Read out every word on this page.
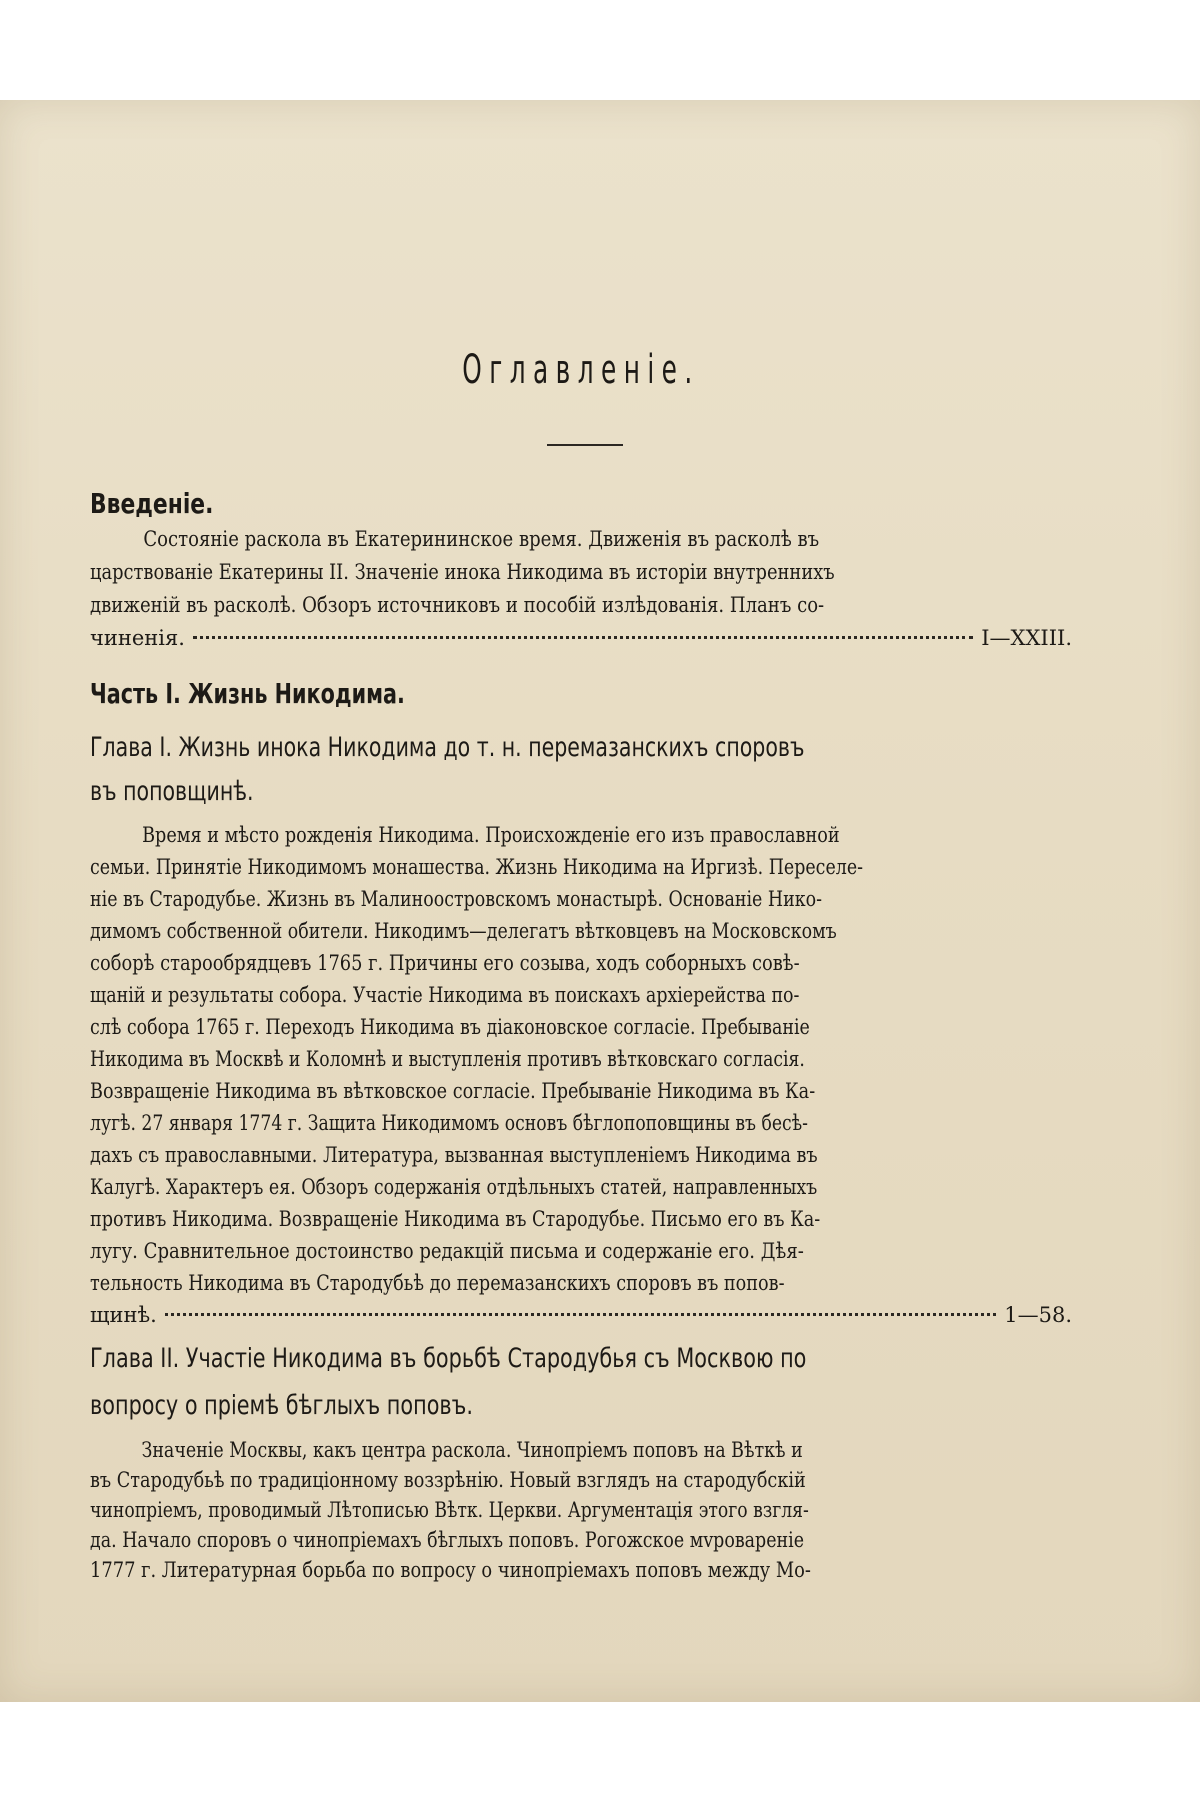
Оглавленіе.
Введеніе.
Состояніе раскола въ Екатерининское время. Движенія въ расколѣ въ
царствованіе Екатерины II. Значеніе инока Никодима въ исторіи внутреннихъ
движеній въ расколѣ. Обзоръ источниковъ и пособій излѣдованія. Планъ со-
чиненія.	I—XXIII.
Часть I. Жизнь Никодима.
Глава I. Жизнь инока Никодима до т. н. перемазанскихъ споровъ
въ поповщинѣ.
Время и мѣсто рожденія Никодима. Происхожденіе его изъ православной
семьи. Принятіе Никодимомъ монашества. Жизнь Никодима на Иргизѣ. Переселе-
ніе въ Стародубье. Жизнь въ Малиноостровскомъ монастырѣ. Основаніе Нико-
димомъ собственной обители. Никодимъ—делегатъ вѣтковцевъ на Московскомъ
соборѣ старообрядцевъ 1765 г. Причины его созыва, ходъ соборныхъ совѣ-
щаній и результаты собора. Участіе Никодима въ поискахъ архіерейства по-
слѣ собора 1765 г. Переходъ Никодима въ діаконовское согласіе. Пребываніе
Никодима въ Москвѣ и Коломнѣ и выступленія противъ вѣтковскаго согласія.
Возвращеніе Никодима въ вѣтковское согласіе. Пребываніе Никодима въ Ка-
лугѣ. 27 января 1774 г. Защита Никодимомъ основъ бѣглопоповщины въ бесѣ-
дахъ съ православными. Литература, вызванная выступленіемъ Никодима въ
Калугѣ. Характеръ ея. Обзоръ содержанія отдѣльныхъ статей, направленныхъ
противъ Никодима. Возвращеніе Никодима въ Стародубье. Письмо его въ Ка-
лугу. Сравнительное достоинство редакцій письма и содержаніе его. Дѣя-
тельность Никодима въ Стародубьѣ до перемазанскихъ споровъ въ попов-
щинѣ.	1—58.
Глава II. Участіе Никодима въ борьбѣ Стародубья съ Москвою по
вопросу о пріемѣ бѣглыхъ поповъ.
Значеніе Москвы, какъ центра раскола. Чинопріемъ поповъ на Вѣткѣ и
въ Стародубьѣ по традиціонному воззрѣнію. Новый взглядъ на стародубскій
чинопріемъ, проводимый Лѣтописью Вѣтк. Церкви. Аргументація этого взгля-
да. Начало споровъ о чинопріемахъ бѣглыхъ поповъ. Рогожское мvровареніе
1777 г. Литературная борьба по вопросу о чинопріемахъ поповъ между Мо-
